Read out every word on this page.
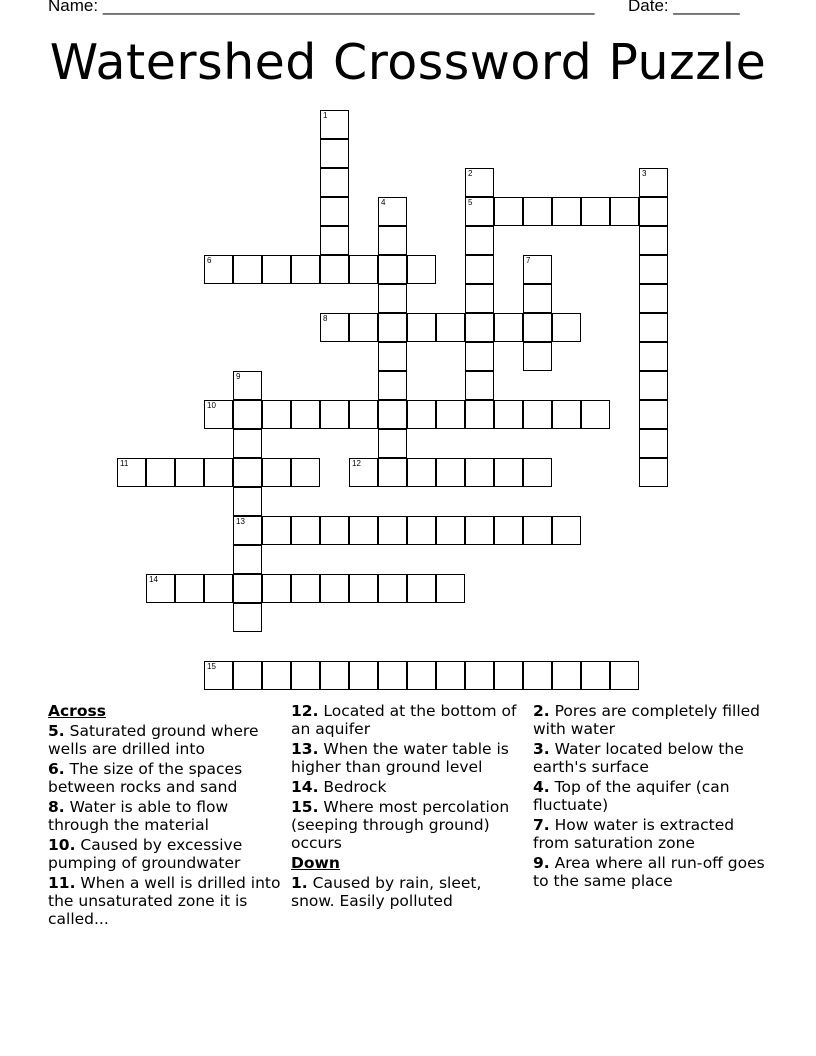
Name: ____________________________________________________ Date: _______
Watershed Crossword Puzzle
1
2
5
3
4
6	7
8
9
13
10
11	12
14
15
Across
5. Saturated ground where wells are drilled into
6. The size of the spaces between rocks and sand
8. Water is able to flow through the material
10. Caused by excessive pumping of groundwater
11. When a well is drilled into the unsaturated zone it is called...
12. Located at the bottom of an aquifer
13. When the water table is higher than ground level
14. Bedrock
15. Where most percolation (seeping through ground) occurs
Down
1. Caused by rain, sleet, snow. Easily polluted
2. Pores are completely filled with water
3. Water located below the earth's surface
4. Top of the aquifer (can fluctuate)
7. How water is extracted from saturation zone
9. Area where all run-off goes to the same place
